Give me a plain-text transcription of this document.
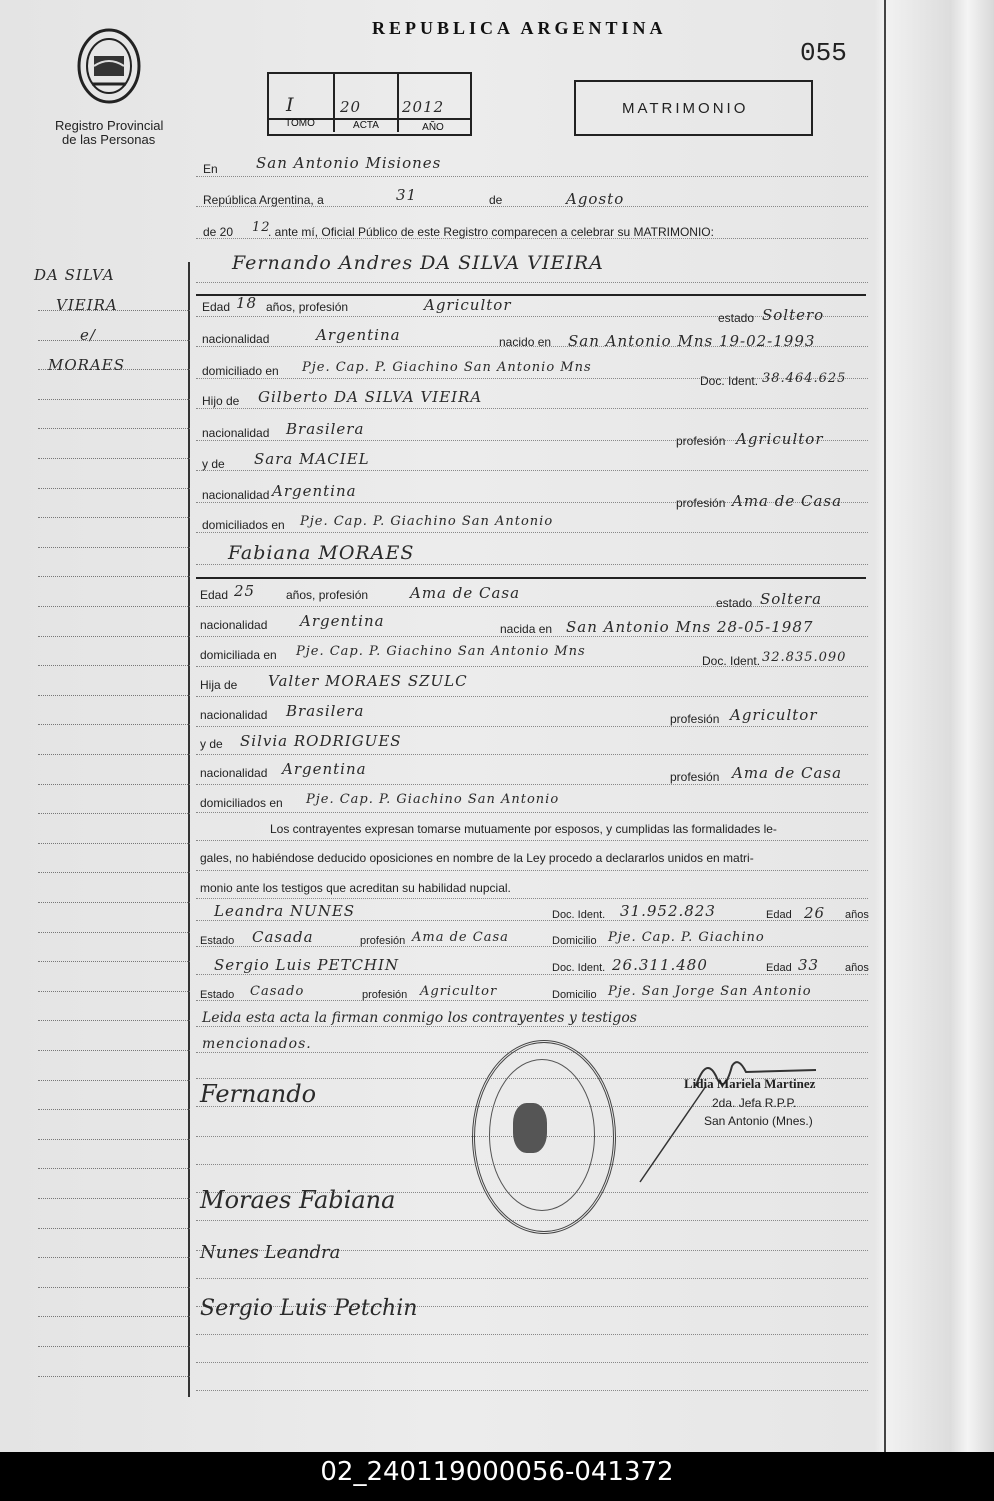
Registro Provincial
de las Personas
REPUBLICA ARGENTINA
055
I	20	2012
TOMO	ACTA	AÑO
MATRIMONIO
DA SILVA
VIEIRA
e/
MORAES
En	San Antonio Misiones
República Argentina, a	31	de	Agosto
de 20 12
. ante mí, Oficial Público de este Registro comparecen a celebrar su MATRIMONIO:
Fernando Andres DA SILVA VIEIRA
Edad 18 años, profesión	Agricultor
estado Soltero
nacionalidad	Argentina	nacido en San Antonio Mns 19-02-1993
domiciliado en Pje. Cap. P. Giachino San Antonio Mns
Doc. Ident. 38.464.625
Hijo de Gilberto DA SILVA VIEIRA
nacionalidad Brasilera
profesión Agricultor
y de Sara MACIEL
nacionalidad Argentina
profesión Ama de Casa
domiciliados en Pje. Cap. P. Giachino San Antonio
Fabiana MORAES
Edad 25	años, profesión	Ama de Casa
estado Soltera
nacionalidad Argentina	nacida en San Antonio Mns 28-05-1987
domiciliada en Pje. Cap. P. Giachino San Antonio Mns
Doc. Ident. 32.835.090
Hija de Valter MORAES SZULC
nacionalidad Brasilera	profesión Agricultor
y de Silvia RODRIGUES
nacionalidad Argentina	profesión Ama de Casa
domiciliados en Pje. Cap. P. Giachino San Antonio
Los contrayentes expresan tomarse mutuamente por esposos, y cumplidas las formalidades le-
gales, no habiéndose deducido oposiciones en nombre de la Ley procedo a declararlos unidos en matri-
monio ante los testigos que acreditan su habilidad nupcial.
Leandra NUNES	Doc. Ident. 31.952.823	Edad 26 años
Estado Casada	profesión Ama de Casa	Domicilio Pje. Cap. P. Giachino
Sergio Luis PETCHIN	Doc. Ident. 26.311.480	Edad 33 años
Estado Casado	profesión Agricultor	Domicilio Pje. San Jorge San Antonio
Leida esta acta la firman conmigo los contrayentes y testigos
mencionados.
Lidia Mariela Martinez
2da. Jefa R.P.P.
San Antonio (Mnes.)
Fernando
Moraes Fabiana
Nunes Leandra
Sergio Luis Petchin
02_240119000056-041372
